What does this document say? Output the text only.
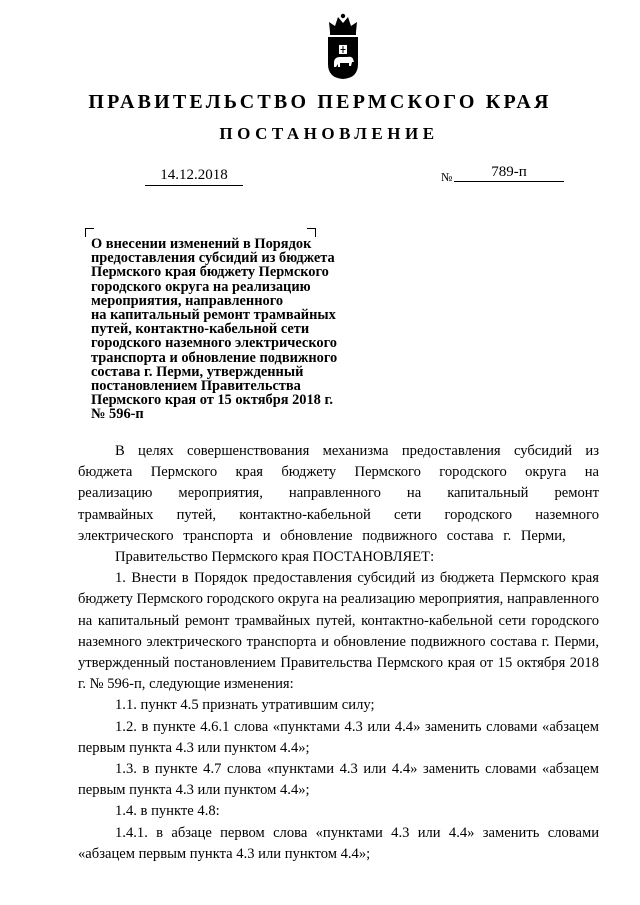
ПРАВИТЕЛЬСТВО ПЕРМСКОГО КРАЯ
ПОСТАНОВЛЕНИЕ
14.12.2018	№	789-п
О внесении изменений в Порядок
предоставления субсидий из бюджета
Пермского края бюджету Пермского
городского округа на реализацию
мероприятия, направленного
на капитальный ремонт трамвайных
путей, контактно-кабельной сети
городского наземного электрического
транспорта и обновление подвижного
состава г. Перми, утвержденный
постановлением Правительства
Пермского края от 15 октября 2018 г.
№ 596-п

В целях совершенствования механизма предоставления субсидий из бюджета Пермского края бюджету Пермского городского округа на реализацию мероприятия, направленного на капитальный ремонт трамвайных путей, контактно-кабельной сети городского наземного электрического транспорта и обновление подвижного состава г. Перми,

Правительство Пермского края ПОСТАНОВЛЯЕТ:

1. Внести в Порядок предоставления субсидий из бюджета Пермского края бюджету Пермского городского округа на реализацию мероприятия, направленного на капитальный ремонт трамвайных путей, контактно-кабельной сети городского наземного электрического транспорта и обновление подвижного состава г. Перми, утвержденный постановлением Правительства Пермского края от 15 октября 2018 г. № 596-п, следующие изменения:

1.1. пункт 4.5 признать утратившим силу;

1.2. в пункте 4.6.1 слова «пунктами 4.3 или 4.4» заменить словами «абзацем первым пункта 4.3 или пунктом 4.4»;

1.3. в пункте 4.7 слова «пунктами 4.3 или 4.4» заменить словами «абзацем первым пункта 4.3 или пунктом 4.4»;

1.4. в пункте 4.8:

1.4.1. в абзаце первом слова «пунктами 4.3 или 4.4» заменить словами «абзацем первым пункта 4.3 или пунктом 4.4»;
